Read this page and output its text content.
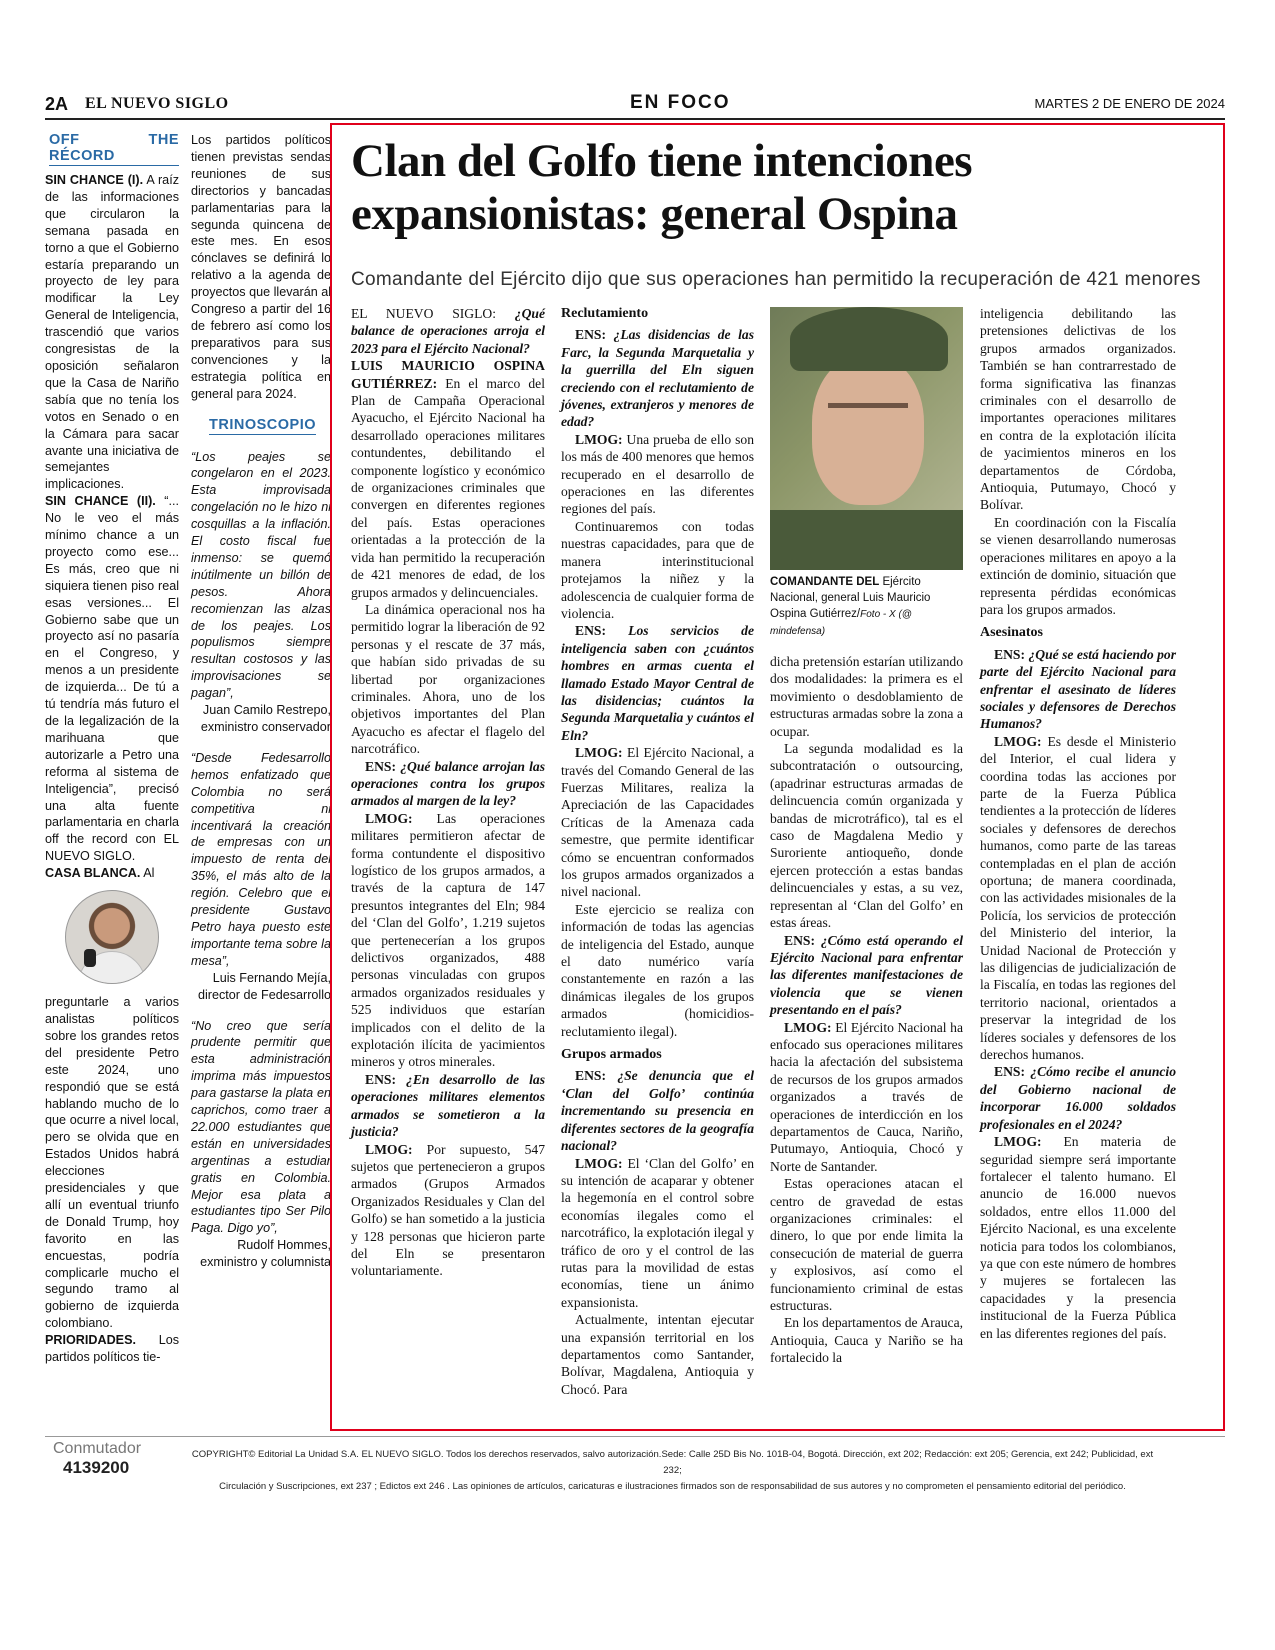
2A EL NUEVO SIGLO	EN FOCO	MARTES 2 DE ENERO DE 2024
OFF THE RÉCORD

SIN CHANCE (I). A raíz de las informaciones que circularon la semana pasada en torno a que el Gobierno estaría preparando un proyecto de ley para modificar la Ley General de Inteligencia, trascendió que varios congresistas de la oposición señalaron que la Casa de Nariño sabía que no tenía los votos en Senado o en la Cámara para sacar avante una iniciativa de semejantes implicaciones.

SIN CHANCE (II). “... No le veo el más mínimo chance a un proyecto como ese... Es más, creo que ni siquiera tienen piso real esas versiones... El Gobierno sabe que un proyecto así no pasaría en el Congreso, y menos a un presidente de izquierda... De tú a tú tendría más futuro el de la legalización de la marihuana que autorizarle a Petro una reforma al sistema de Inteligencia”, precisó una alta fuente parlamentaria en charla off the record con EL NUEVO SIGLO.

CASA BLANCA. Al

preguntarle a varios analistas políticos sobre los grandes retos del presidente Petro este 2024, uno respondió que se está hablando mucho de lo que ocurre a nivel local, pero se olvida que en Estados Unidos habrá elecciones presidenciales y que allí un eventual triunfo de Donald Trump, hoy favorito en las encuestas, podría complicarle mucho el segundo tramo al gobierno de izquierda colombiano.

PRIORIDADES. Los partidos políticos tie-

Los partidos políticos tienen previstas sendas reuniones de sus directorios y bancadas parlamentarias para la segunda quincena de este mes. En esos cónclaves se definirá lo relativo a la agenda de proyectos que llevarán al Congreso a partir del 16 de febrero así como los preparativos para sus convenciones y la estrategia política en general para 2024.

TRINOSCOPIO

“Los peajes se congelaron en el 2023. Esta improvisada congelación no le hizo ni cosquillas a la inflación. El costo fiscal fue inmenso: se quemó inútilmente un billón de pesos. Ahora recomienzan las alzas de los peajes. Los populismos siempre resultan costosos y las improvisaciones se pagan”,

Juan Camilo Restrepo, exministro conservador

“Desde Fedesarrollo hemos enfatizado que Colombia no será competitiva ni incentivará la creación de empresas con un impuesto de renta del 35%, el más alto de la región. Celebro que el presidente Gustavo Petro haya puesto este importante tema sobre la mesa”,

Luis Fernando Mejía, director de Fedesarrollo

“No creo que sería prudente permitir que esta administración imprima más impuestos para gastarse la plata en caprichos, como traer a 22.000 estudiantes que están en universidades argentinas a estudiar gratis en Colombia. Mejor esa plata a estudiantes tipo Ser Pilo Paga. Digo yo”,

Rudolf Hommes, exministro y columnista

Clan del Golfo tiene intenciones expansionistas: general Ospina
Comandante del Ejército dijo que sus operaciones han permitido la recuperación de 421 menores

EL NUEVO SIGLO: ¿Qué balance de operaciones arroja el 2023 para el Ejército Nacional?

LUIS MAURICIO OSPINA GUTIÉRREZ: En el marco del Plan de Campaña Operacional Ayacucho, el Ejército Nacional ha desarrollado operaciones militares contundentes, debilitando el componente logístico y económico de organizaciones criminales que convergen en diferentes regiones del país. Estas operaciones orientadas a la protección de la vida han permitido la recuperación de 421 menores de edad, de los grupos armados y delincuenciales.

La dinámica operacional nos ha permitido lograr la liberación de 92 personas y el rescate de 37 más, que habían sido privadas de su libertad por organizaciones criminales. Ahora, uno de los objetivos importantes del Plan Ayacucho es afectar el flagelo del narcotráfico.

ENS: ¿Qué balance arrojan las operaciones contra los grupos armados al margen de la ley?

LMOG: Las operaciones militares permitieron afectar de forma contundente el dispositivo logístico de los grupos armados, a través de la captura de 147 presuntos integrantes del Eln; 984 del ‘Clan del Golfo’, 1.219 sujetos que pertenecerían a los grupos delictivos organizados, 488 personas vinculadas con grupos armados organizados residuales y 525 individuos que estarían implicados con el delito de la explotación ilícita de yacimientos mineros y otros minerales.

ENS: ¿En desarrollo de las operaciones militares elementos armados se sometieron a la justicia?

LMOG: Por supuesto, 547 sujetos que pertenecieron a grupos armados (Grupos Armados Organizados Residuales y Clan del Golfo) se han sometido a la justicia y 128 personas que hicieron parte del Eln se presentaron voluntariamente.

Reclutamiento

ENS: ¿Las disidencias de las Farc, la Segunda Marquetalia y la guerrilla del Eln siguen creciendo con el reclutamiento de jóvenes, extranjeros y menores de edad?

LMOG: Una prueba de ello son los más de 400 menores que hemos recuperado en el desarrollo de operaciones en las diferentes regiones del país.

Continuaremos con todas nuestras capacidades, para que de manera interinstitucional protejamos la niñez y la adolescencia de cualquier forma de violencia.

ENS: Los servicios de inteligencia saben con ¿cuántos hombres en armas cuenta el llamado Estado Mayor Central de las disidencias; cuántos la Segunda Marquetalia y cuántos el Eln?

LMOG: El Ejército Nacional, a través del Comando General de las Fuerzas Militares, realiza la Apreciación de las Capacidades Críticas de la Amenaza cada semestre, que permite identificar cómo se encuentran conformados los grupos armados organizados a nivel nacional.

Este ejercicio se realiza con información de todas las agencias de inteligencia del Estado, aunque el dato numérico varía constantemente en razón a las dinámicas ilegales de los grupos armados (homicidios-reclutamiento ilegal).

Grupos armados

ENS: ¿Se denuncia que el ‘Clan del Golfo’ continúa incrementando su presencia en diferentes sectores de la geografía nacional?

LMOG: El ‘Clan del Golfo’ en su intención de acaparar y obtener la hegemonía en el control sobre economías ilegales como el narcotráfico, la explotación ilegal y tráfico de oro y el control de las rutas para la movilidad de estas economías, tiene un ánimo expansionista.

Actualmente, intentan ejecutar una expansión territorial en los departamentos como Santander, Bolívar, Magdalena, Antioquia y Chocó. Para

COMANDANTE DEL Ejército Nacional, general Luis Mauricio Ospina Gutiérrez/Foto - X (@ mindefensa)

dicha pretensión estarían utilizando dos modalidades: la primera es el movimiento o desdoblamiento de estructuras armadas sobre la zona a ocupar.

La segunda modalidad es la subcontratación o outsourcing, (apadrinar estructuras armadas de delincuencia común organizada y bandas de microtráfico), tal es el caso de Magdalena Medio y Suroriente antioqueño, donde ejercen protección a estas bandas delincuenciales y estas, a su vez, representan al ‘Clan del Golfo’ en estas áreas.

ENS: ¿Cómo está operando el Ejército Nacional para enfrentar las diferentes manifestaciones de violencia que se vienen presentando en el país?

LMOG: El Ejército Nacional ha enfocado sus operaciones militares hacia la afectación del subsistema de recursos de los grupos armados organizados a través de operaciones de interdicción en los departamentos de Cauca, Nariño, Putumayo, Antioquia, Chocó y Norte de Santander.

Estas operaciones atacan el centro de gravedad de estas organizaciones criminales: el dinero, lo que por ende limita la consecución de material de guerra y explosivos, así como el funcionamiento criminal de estas estructuras.

En los departamentos de Arauca, Antioquia, Cauca y Nariño se ha fortalecido la

inteligencia debilitando las pretensiones delictivas de los grupos armados organizados. También se han contrarrestado de forma significativa las finanzas criminales con el desarrollo de importantes operaciones militares en contra de la explotación ilícita de yacimientos mineros en los departamentos de Córdoba, Antioquia, Putumayo, Chocó y Bolívar.

En coordinación con la Fiscalía se vienen desarrollando numerosas operaciones militares en apoyo a la extinción de dominio, situación que representa pérdidas económicas para los grupos armados.

Asesinatos

ENS: ¿Qué se está haciendo por parte del Ejército Nacional para enfrentar el asesinato de líderes sociales y defensores de Derechos Humanos?

LMOG: Es desde el Ministerio del Interior, el cual lidera y coordina todas las acciones por parte de la Fuerza Pública tendientes a la protección de líderes sociales y defensores de derechos humanos, como parte de las tareas contempladas en el plan de acción oportuna; de manera coordinada, con las actividades misionales de la Policía, los servicios de protección del Ministerio del interior, la Unidad Nacional de Protección y las diligencias de judicialización de la Fiscalía, en todas las regiones del territorio nacional, orientados a preservar la integridad de los líderes sociales y defensores de los derechos humanos.

ENS: ¿Cómo recibe el anuncio del Gobierno nacional de incorporar 16.000 soldados profesionales en el 2024?

LMOG: En materia de seguridad siempre será importante fortalecer el talento humano. El anuncio de 16.000 nuevos soldados, entre ellos 11.000 del Ejército Nacional, es una excelente noticia para todos los colombianos, ya que con este número de hombres y mujeres se fortalecen las capacidades y la presencia institucional de la Fuerza Pública en las diferentes regiones del país.

Conmutador
4139200
COPYRIGHT© Editorial La Unidad S.A. EL NUEVO SIGLO. Todos los derechos reservados, salvo autorización.Sede: Calle 25D Bis No. 101B-04, Bogotá. Dirección, ext 202; Redacción: ext 205; Gerencia, ext 242; Publicidad, ext 232;
Circulación y Suscripciones, ext 237 ; Edictos ext 246 . Las opiniones de artículos, caricaturas e ilustraciones firmados son de responsabilidad de sus autores y no comprometen el pensamiento editorial del periódico.
